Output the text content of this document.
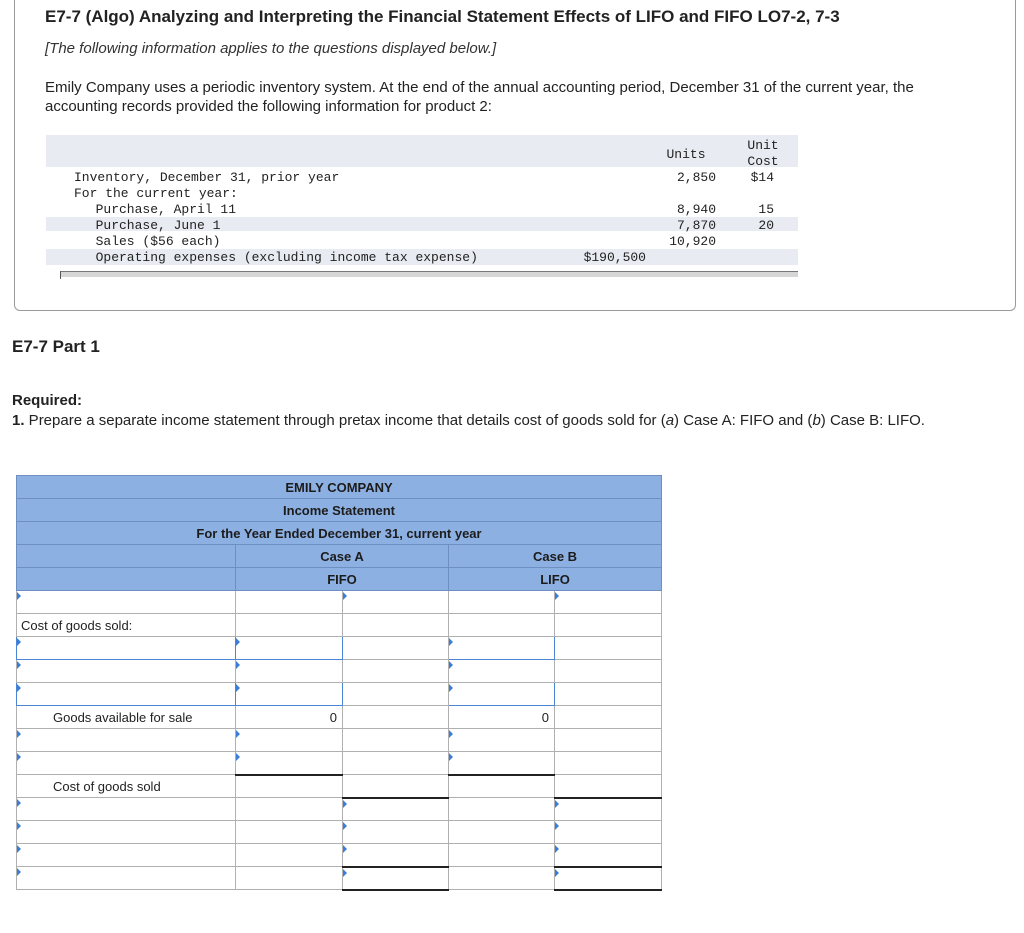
E7-7 (Algo) Analyzing and Interpreting the Financial Statement Effects of LIFO and FIFO LO7-2, 7-3
[The following information applies to the questions displayed below.]
Emily Company uses a periodic inventory system. At the end of the annual accounting period, December 31 of the current year, the accounting records provided the following information for product 2:
Units
Unit
Cost
Inventory, December 31, prior year	2,850	$14
For the current year:
Purchase, April 11	8,940	15
Purchase, June 1	7,870	20
Sales ($56 each)	10,920
Operating expenses (excluding income tax expense)	$190,500
E7-7 Part 1
Required:
1. Prepare a separate income statement through pretax income that details cost of goods sold for (a) Case A: FIFO and (b) Case B: LIFO.
EMILY COMPANY				
Income Statement				
For the Year Ended December 31, current year				
	Case A		Case B	
	FIFO		LIFO	

Cost of goods sold:				

Goods available for sale	0		0	

Cost of goods sold				
